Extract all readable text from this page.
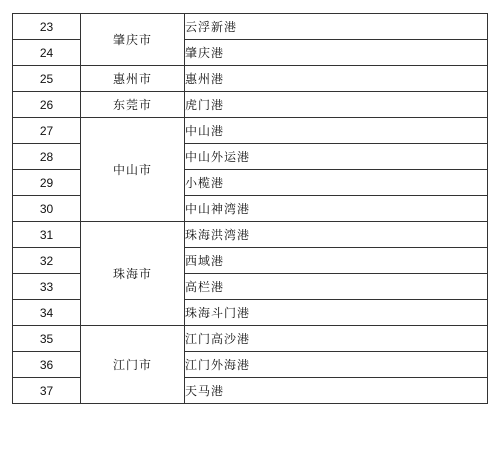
23	肇庆市	云浮新港
24		肇庆港
25	惠州市	惠州港
26	东莞市	虎门港
27	中山市	中山港
28		中山外运港
29		小榄港
30		中山神湾港
31	珠海市	珠海洪湾港
32		西域港
33		高栏港
34		珠海斗门港
35	江门市	江门高沙港
36		江门外海港
37		天马港
